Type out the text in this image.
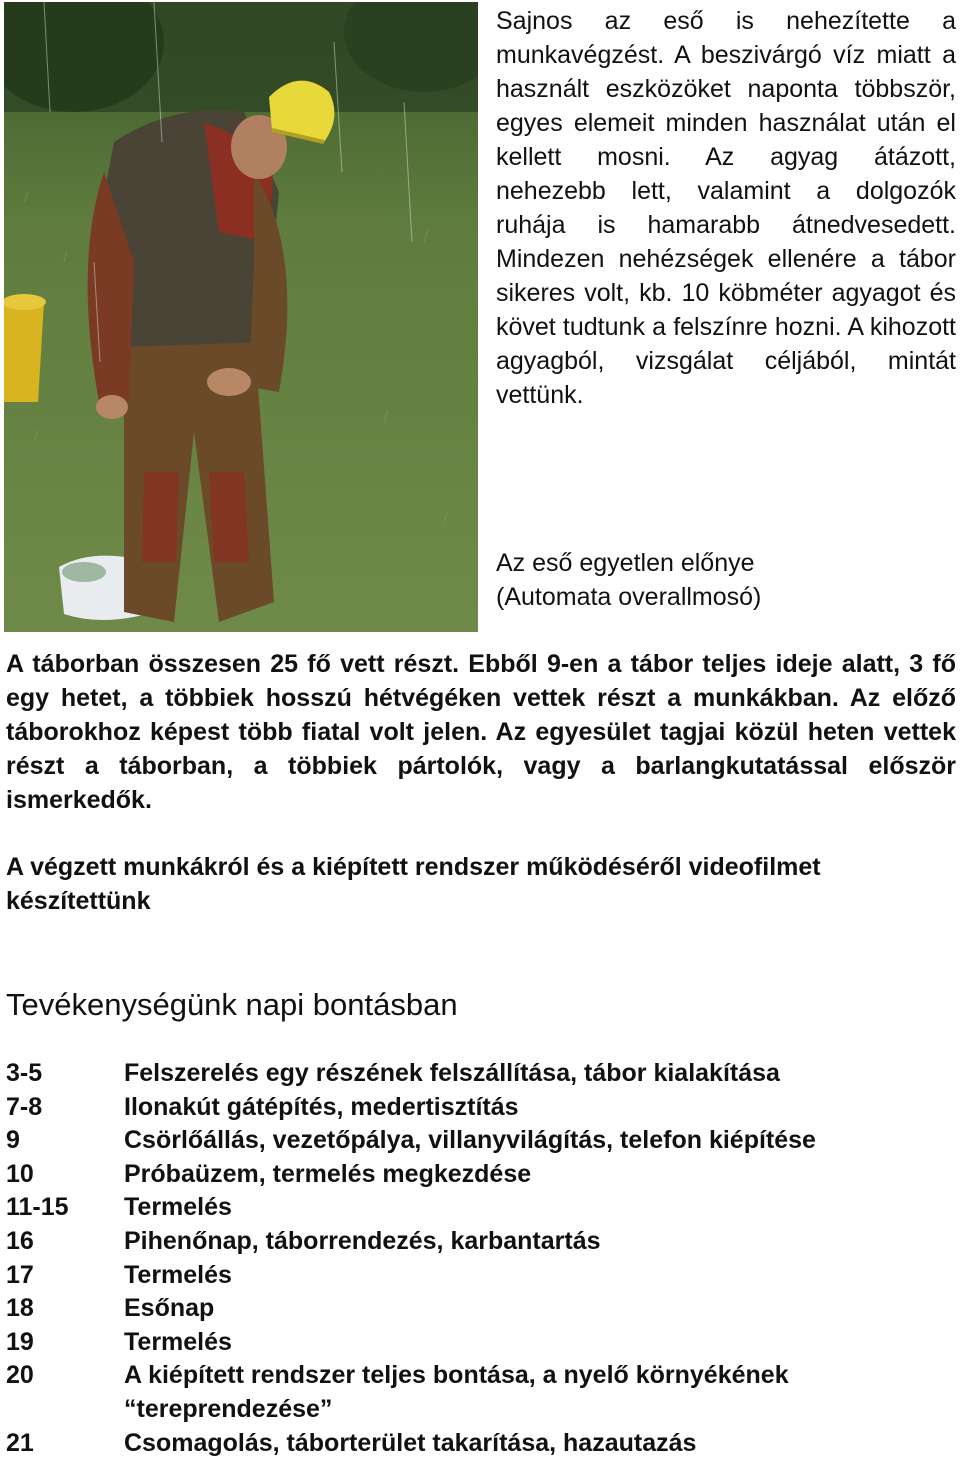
Sajnos az eső is nehezítette a munkavégzést. A beszivárgó víz miatt a használt eszközöket naponta többször, egyes elemeit minden használat után el kellett mosni. Az agyag átázott, nehezebb lett, valamint a dolgozók ruhája is hamarabb átnedvesedett. Mindezen nehézségek ellenére a tábor sikeres volt, kb. 10 köbméter agyagot és követ tudtunk a felszínre hozni. A kihozott agyagból, vizsgálat céljából, mintát vettünk.

Az eső egyetlen előnye
(Automata overallmosó)

A táborban összesen 25 fő vett részt. Ebből 9-en a tábor teljes ideje alatt, 3 fő egy hetet, a többiek hosszú hétvégéken vettek részt a munkákban. Az előző táborokhoz képest több fiatal volt jelen. Az egyesület tagjai közül heten vettek részt a táborban, a többiek pártolók, vagy a barlangkutatással először ismerkedők.

A végzett munkákról és a kiépített rendszer működéséről videofilmet készítettünk

Tevékenységünk napi bontásban
3-5	Felszerelés egy részének felszállítása, tábor kialakítása
7-8	Ilonakút gátépítés, medertisztítás
9	Csörlőállás, vezetőpálya, villanyvilágítás, telefon kiépítése
10	Próbaüzem, termelés megkezdése
11-15	Termelés
16	Pihenőnap, táborrendezés, karbantartás
17	Termelés
18	Esőnap
19	Termelés
20	A kiépített rendszer teljes bontása, a nyelő környékének “tereprendezése”
21	Csomagolás, táborterület takarítása, hazautazás
